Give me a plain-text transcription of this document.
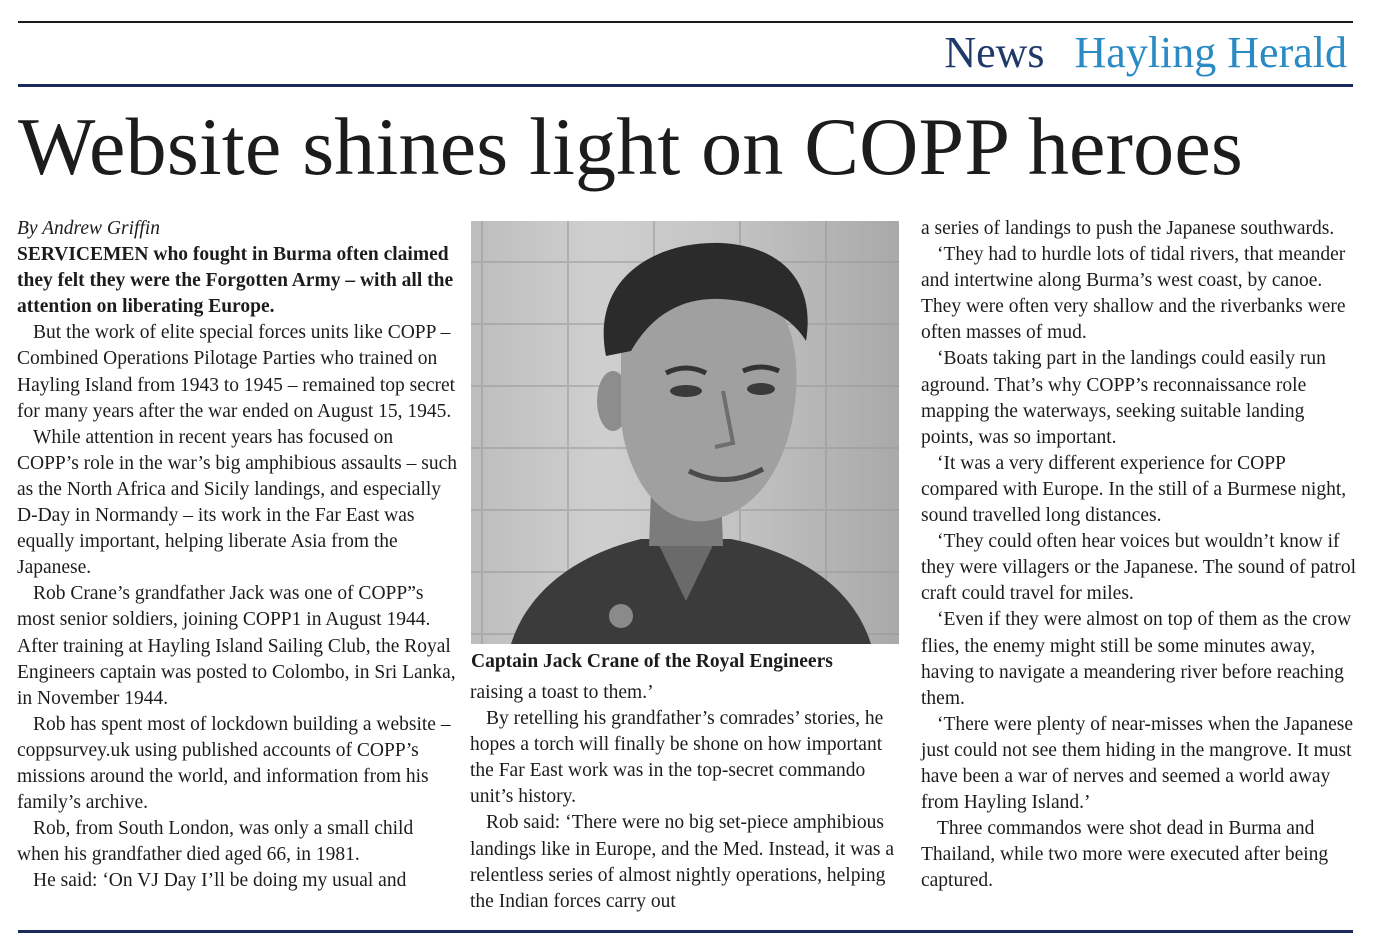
News Hayling Herald
Website shines light on COPP heroes

By Andrew Griffin

SERVICEMEN who fought in Burma often claimed they felt they were the Forgotten Army – with all the attention on liberating Europe.

But the work of elite special forces units like COPP – Combined Operations Pilotage Parties who trained on Hayling Island from 1943 to 1945 – remained top secret for many years after the war ended on August 15, 1945.

While attention in recent years has focused on COPP’s role in the war’s big amphibious assaults – such as the North Africa and Sicily landings, and especially D-Day in Normandy – its work in the Far East was equally important, helping liberate Asia from the Japanese.

Rob Crane’s grandfather Jack was one of COPP”s most senior soldiers, joining COPP1 in August 1944. After training at Hayling Island Sailing Club, the Royal Engineers captain was posted to Colombo, in Sri Lanka, in November 1944.

Rob has spent most of lockdown building a website – coppsurvey.uk using published accounts of COPP’s missions around the world, and information from his family’s archive.

Rob, from South London, was only a small child when his grandfather died aged 66, in 1981.

He said: ‘On VJ Day I’ll be doing my usual and

Captain Jack Crane of the Royal Engineers

raising a toast to them.’

By retelling his grandfather’s comrades’ stories, he hopes a torch will finally be shone on how important the Far East work was in the top-secret commando unit’s history.

Rob said: ‘There were no big set-piece amphibious landings like in Europe, and the Med. Instead, it was a relentless series of almost nightly operations, helping the Indian forces carry out

a series of landings to push the Japanese southwards.

‘They had to hurdle lots of tidal rivers, that meander and intertwine along Burma’s west coast, by canoe. They were often very shallow and the riverbanks were often masses of mud.

‘Boats taking part in the landings could easily run aground. That’s why COPP’s reconnaissance role mapping the waterways, seeking suitable landing points, was so important.

‘It was a very different experience for COPP compared with Europe. In the still of a Burmese night, sound travelled long distances.

‘They could often hear voices but wouldn’t know if they were villagers or the Japanese. The sound of patrol craft could travel for miles.

‘Even if they were almost on top of them as the crow flies, the enemy might still be some minutes away, having to navigate a meandering river before reaching them.

‘There were plenty of near-misses when the Japanese just could not see them hiding in the mangrove. It must have been a war of nerves and seemed a world away from Hayling Island.’

Three commandos were shot dead in Burma and Thailand, while two more were executed after being captured.
